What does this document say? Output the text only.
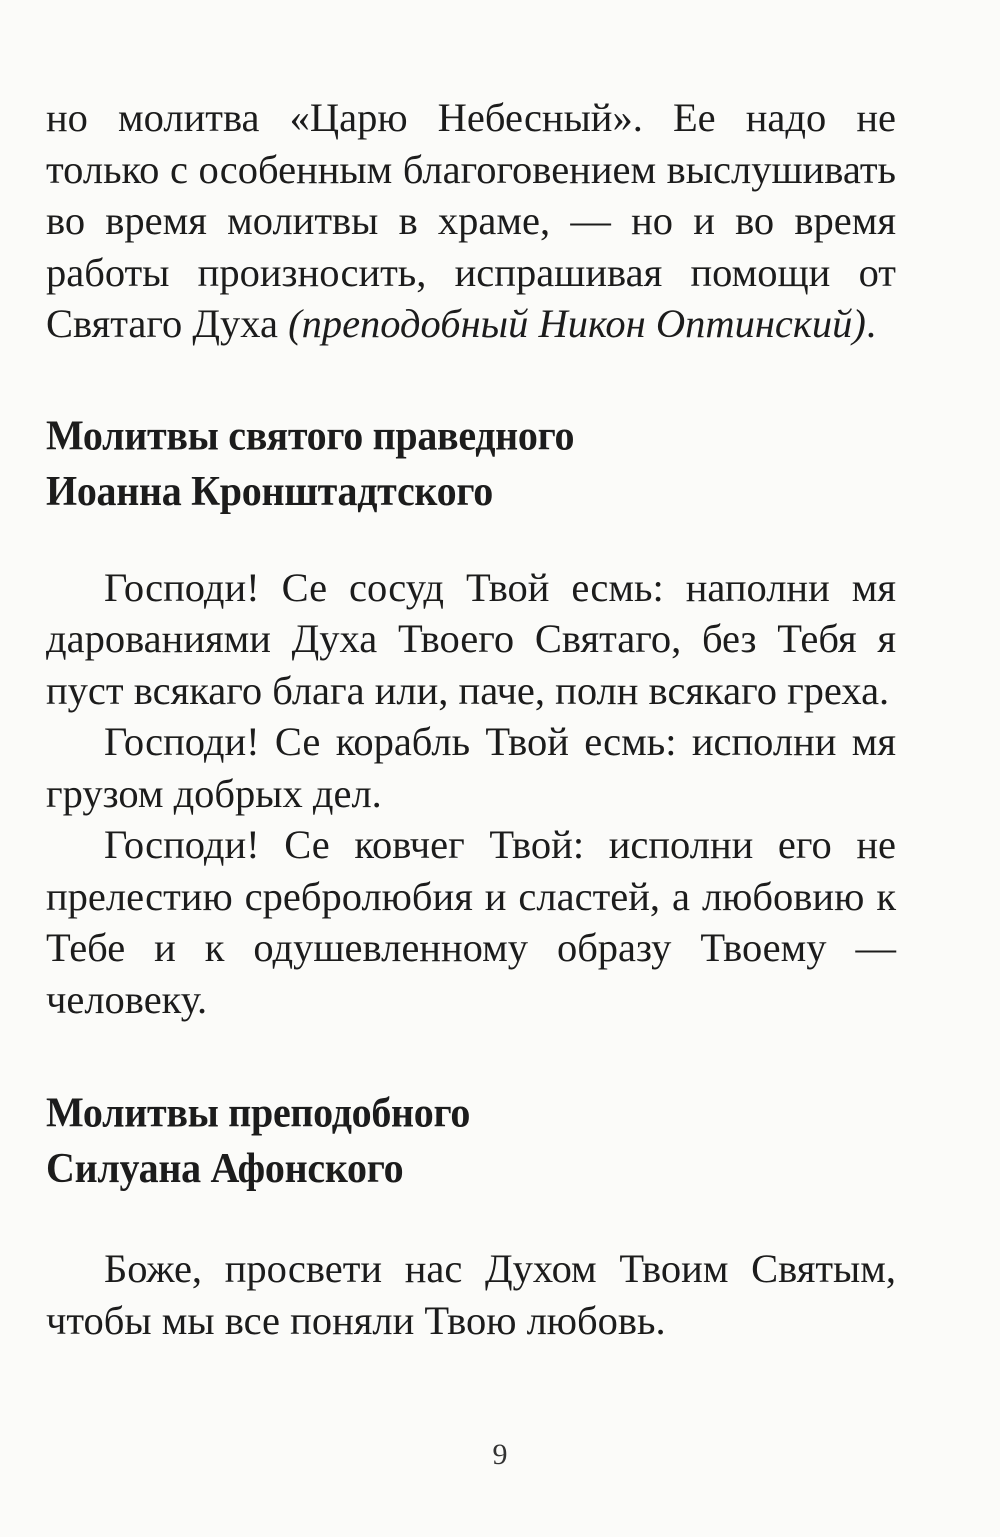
но молитва «Царю Небесный». Ее надо не только с особенным благоговением выслушивать во время молитвы в храме, — но и во время работы произносить, испрашивая помощи от Святаго Духа (преподобный Никон Оптинский).

Молитвы святого праведного
Иоанна Кронштадтского

Господи! Се сосуд Твой есмь: наполни мя дарованиями Духа Твоего Святаго, без Тебя я пуст всякаго блага или, паче, полн всякаго греха.

Господи! Се корабль Твой есмь: исполни мя грузом добрых дел.

Господи! Се ковчег Твой: исполни его не прелестию сребролюбия и сластей, а любовию к Тебе и к одушевленному образу Твоему — человеку.

Молитвы преподобного
Силуана Афонского

Боже, просвети нас Духом Твоим Святым, чтобы мы все поняли Твою любовь.

9
